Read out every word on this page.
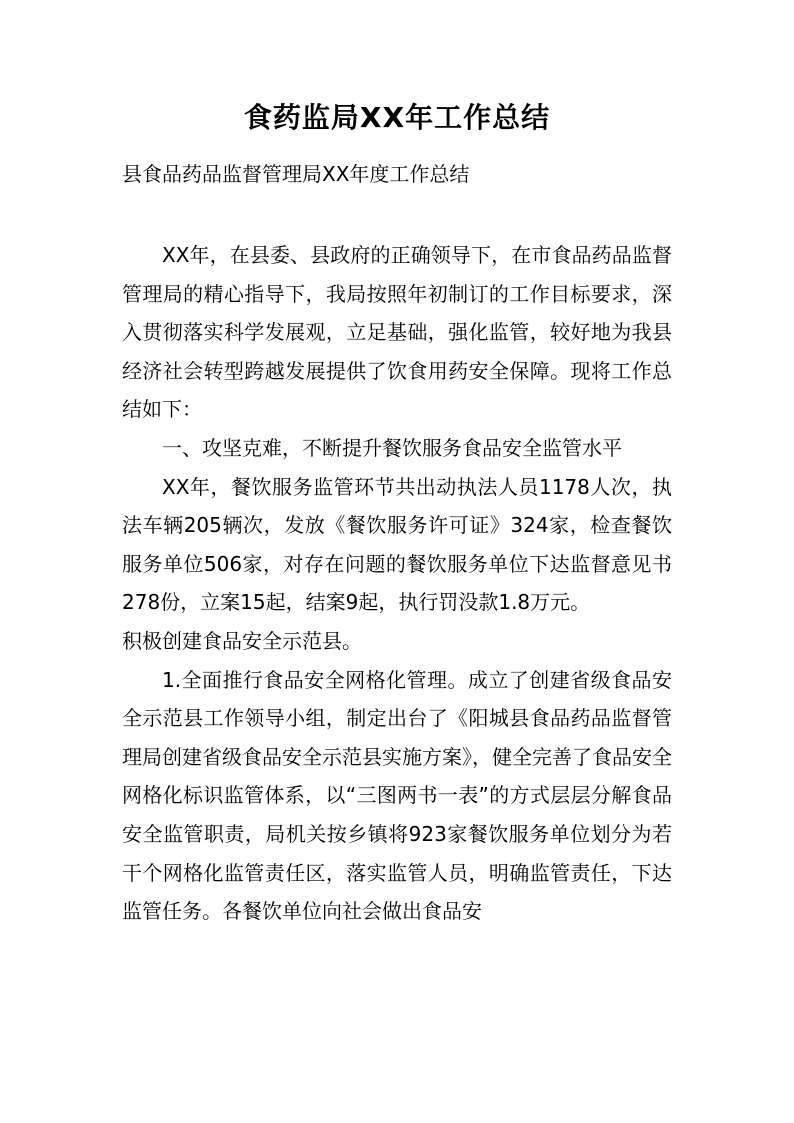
食药监局XX年工作总结
县食品药品监督管理局XX年度工作总结

XX年，在县委、县政府的正确领导下，在市食品药品监督管理局的精心指导下，我局按照年初制订的工作目标要求，深入贯彻落实科学发展观，立足基础，强化监管，较好地为我县经济社会转型跨越发展提供了饮食用药安全保障。现将工作总结如下：

一、攻坚克难，不断提升餐饮服务食品安全监管水平

XX年，餐饮服务监管环节共出动执法人员1178人次，执法车辆205辆次，发放《餐饮服务许可证》324家，检查餐饮服务单位506家，对存在问题的餐饮服务单位下达监督意见书278份，立案15起，结案9起，执行罚没款1.8万元。

积极创建食品安全示范县。

1.全面推行食品安全网格化管理。成立了创建省级食品安全示范县工作领导小组，制定出台了《阳城县食品药品监督管理局创建省级食品安全示范县实施方案》，健全完善了食品安全网格化标识监管体系，以“三图两书一表”的方式层层分解食品安全监管职责，局机关按乡镇将923家餐饮服务单位划分为若干个网格化监管责任区，落实监管人员，明确监管责任，下达监管任务。各餐饮单位向社会做出食品安
